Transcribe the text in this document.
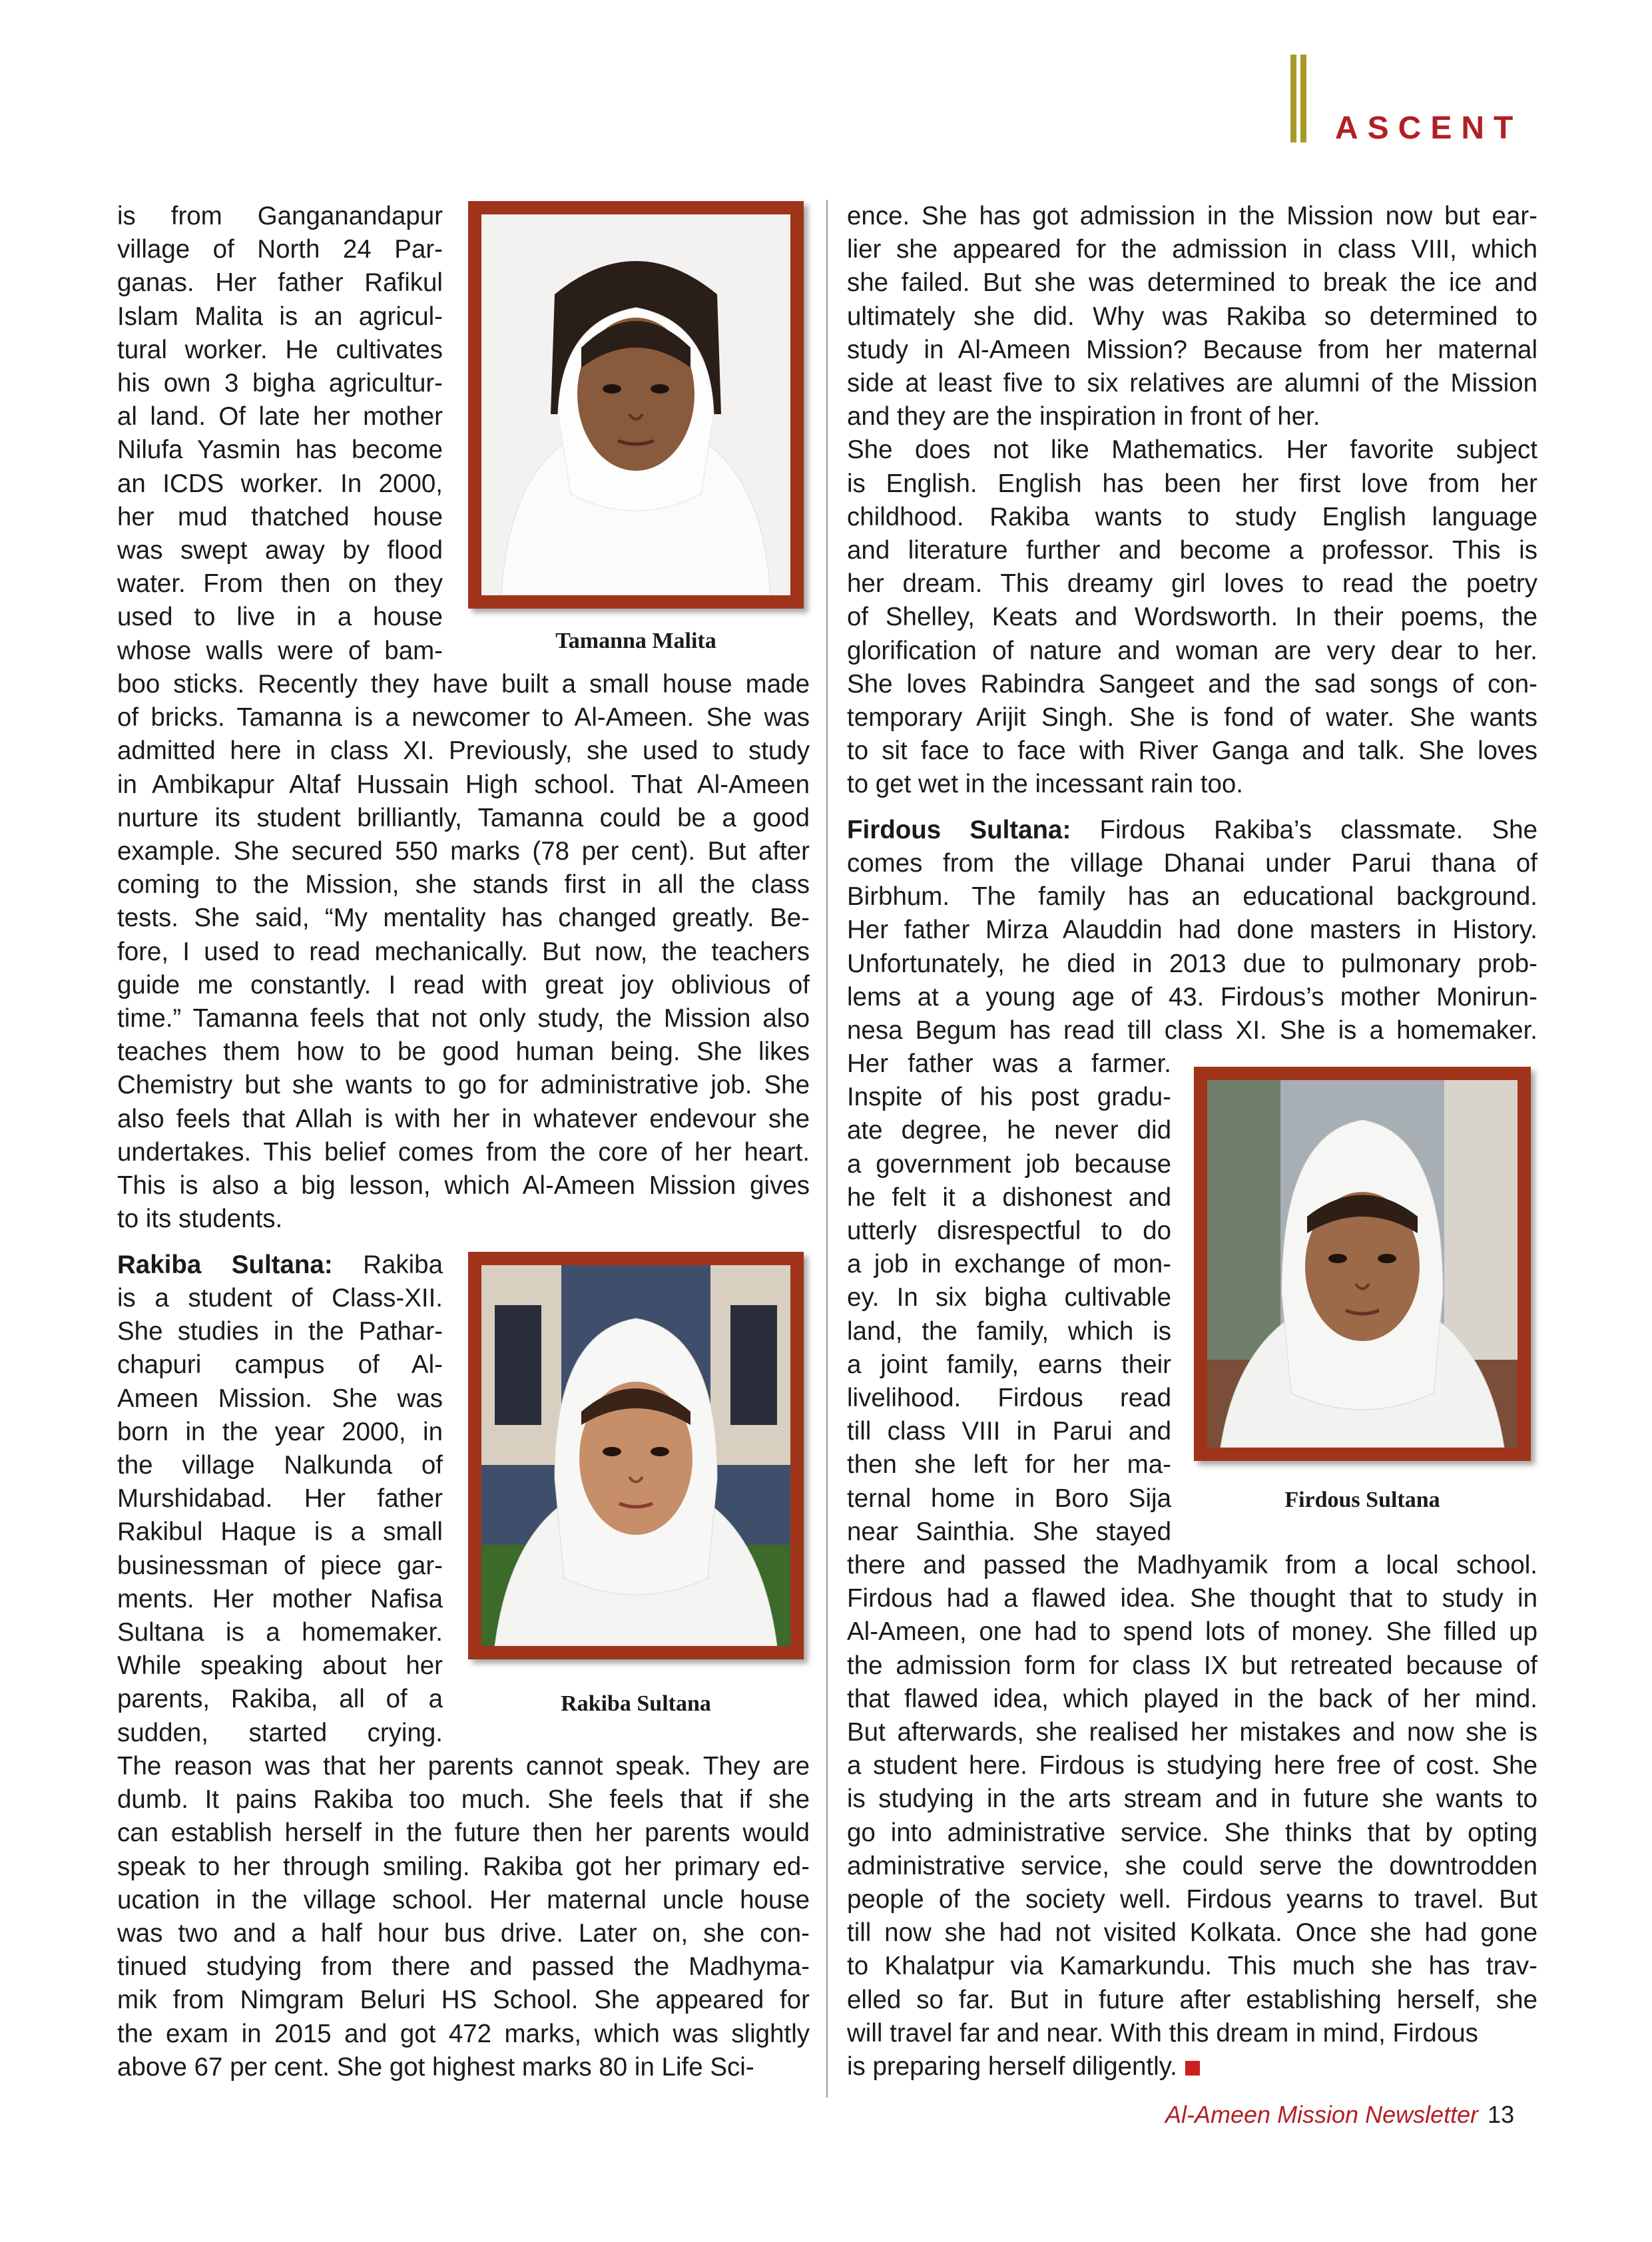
ASCENT
is from Ganganandapur
village of North 24 Par-
ganas. Her father Rafikul
Islam Malita is an agricul-
tural worker. He cultivates
his own 3 bigha agricultur-
al land. Of late her mother
Nilufa Yasmin has become
an ICDS worker. In 2000,
her mud thatched house
was swept away by flood
water. From then on they
used to live in a house
whose walls were of bam-
boo sticks. Recently they have built a small house made
of bricks. Tamanna is a newcomer to Al-Ameen. She was
admitted here in class XI. Previously, she used to study
in Ambikapur Altaf Hussain High school. That Al-Ameen
nurture its student brilliantly, Tamanna could be a good
example. She secured 550 marks (78 per cent). But after
coming to the Mission, she stands first in all the class
tests. She said, “My mentality has changed greatly. Be-
fore, I used to read mechanically. But now, the teachers
guide me constantly. I read with great joy oblivious of
time.” Tamanna feels that not only study, the Mission also
teaches them how to be good human being. She likes
Chemistry but she wants to go for administrative job. She
also feels that Allah is with her in whatever endevour she
undertakes. This belief comes from the core of her heart.
This is also a big lesson, which Al-Ameen Mission gives
to its students.
Rakiba Sultana: Rakiba
is a student of Class-XII.
She studies in the Pathar-
chapuri campus of Al-
Ameen Mission. She was
born in the year 2000, in
the village Nalkunda of
Murshidabad. Her father
Rakibul Haque is a small
businessman of piece gar-
ments. Her mother Nafisa
Sultana is a homemaker.
While speaking about her
parents, Rakiba, all of a
sudden, started crying.
The reason was that her parents cannot speak. They are
dumb. It pains Rakiba too much. She feels that if she
can establish herself in the future then her parents would
speak to her through smiling. Rakiba got her primary ed-
ucation in the village school. Her maternal uncle house
was two and a half hour bus drive. Later on, she con-
tinued studying from there and passed the Madhyma-
mik from Nimgram Beluri HS School. She appeared for
the exam in 2015 and got 472 marks, which was slightly
above 67 per cent. She got highest marks 80 in Life Sci-
Tamanna Malita
Rakiba Sultana
ence. She has got admission in the Mission now but ear-
lier she appeared for the admission in class VIII, which
she failed. But she was determined to break the ice and
ultimately she did. Why was Rakiba so determined to
study in Al-Ameen Mission? Because from her maternal
side at least five to six relatives are alumni of the Mission
and they are the inspiration in front of her.
She does not like Mathematics. Her favorite subject
is English. English has been her first love from her
childhood. Rakiba wants to study English language
and literature further and become a professor. This is
her dream. This dreamy girl loves to read the poetry
of Shelley, Keats and Wordsworth. In their poems, the
glorification of nature and woman are very dear to her.
She loves Rabindra Sangeet and the sad songs of con-
temporary Arijit Singh. She is fond of water. She wants
to sit face to face with River Ganga and talk. She loves
to get wet in the incessant rain too.
Firdous Sultana: Firdous Rakiba’s classmate. She
comes from the village Dhanai under Parui thana of
Birbhum. The family has an educational background.
Her father Mirza Alauddin had done masters in History.
Unfortunately, he died in 2013 due to pulmonary prob-
lems at a young age of 43. Firdous’s mother Monirun-
nesa Begum has read till class XI. She is a homemaker.
Her father was a farmer.
Inspite of his post gradu-
ate degree, he never did
a government job because
he felt it a dishonest and
utterly disrespectful to do
a job in exchange of mon-
ey. In six bigha cultivable
land, the family, which is
a joint family, earns their
livelihood. Firdous read
till class VIII in Parui and
then she left for her ma-
ternal home in Boro Sija
near Sainthia. She stayed
there and passed the Madhyamik from a local school.
Firdous had a flawed idea. She thought that to study in
Al-Ameen, one had to spend lots of money. She filled up
the admission form for class IX but retreated because of
that flawed idea, which played in the back of her mind.
But afterwards, she realised her mistakes and now she is
a student here. Firdous is studying here free of cost. She
is studying in the arts stream and in future she wants to
go into administrative service. She thinks that by opting
administrative service, she could serve the downtrodden
people of the society well. Firdous yearns to travel. But
till now she had not visited Kolkata. Once she had gone
to Khalatpur via Kamarkundu. This much she has trav-
elled so far. But in future after establishing herself, she
will travel far and near. With this dream in mind, Firdous
is preparing herself diligently.
Firdous Sultana
Al-Ameen Mission Newsletter 13
